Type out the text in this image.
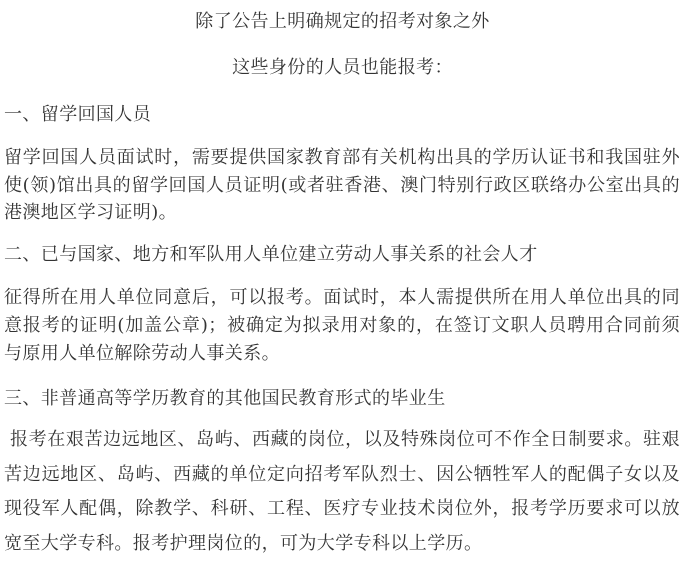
除了公告上明确规定的招考对象之外
这些身份的人员也能报考：
一、留学回国人员
留学回国人员面试时，需要提供国家教育部有关机构出具的学历认证书和我国驻外
使(领)馆出具的留学回国人员证明(或者驻香港、澳门特别行政区联络办公室出具的
港澳地区学习证明)。
二、已与国家、地方和军队用人单位建立劳动人事关系的社会人才
征得所在用人单位同意后，可以报考。面试时，本人需提供所在用人单位出具的同
意报考的证明(加盖公章)；被确定为拟录用对象的，在签订文职人员聘用合同前须
与原用人单位解除劳动人事关系。
三、非普通高等学历教育的其他国民教育形式的毕业生
报考在艰苦边远地区、岛屿、西藏的岗位，以及特殊岗位可不作全日制要求。驻艰
苦边远地区、岛屿、西藏的单位定向招考军队烈士、因公牺牲军人的配偶子女以及
现役军人配偶，除教学、科研、工程、医疗专业技术岗位外，报考学历要求可以放
宽至大学专科。报考护理岗位的，可为大学专科以上学历。
